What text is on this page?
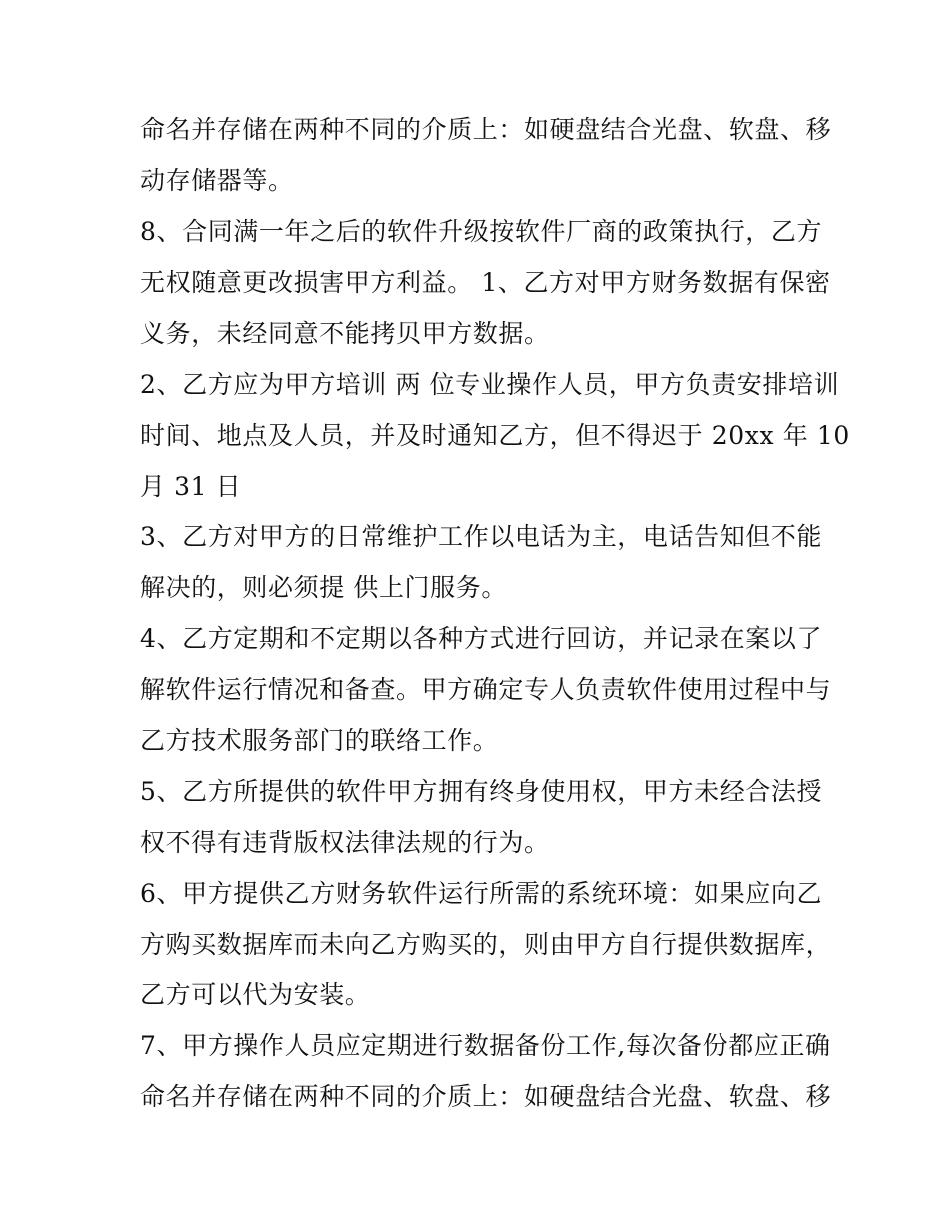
命名并存储在两种不同的介质上：如硬盘结合光盘、软盘、移
动存储器等。
8、合同满一年之后的软件升级按软件厂商的政策执行，乙方
无权随意更改损害甲方利益。 1、乙方对甲方财务数据有保密
义务，未经同意不能拷贝甲方数据。
2、乙方应为甲方培训 两 位专业操作人员，甲方负责安排培训
时间、地点及人员，并及时通知乙方，但不得迟于 20xx 年 10
月 31 日
3、乙方对甲方的日常维护工作以电话为主，电话告知但不能
解决的，则必须提 供上门服务。
4、乙方定期和不定期以各种方式进行回访，并记录在案以了
解软件运行情况和备查。甲方确定专人负责软件使用过程中与
乙方技术服务部门的联络工作。
5、乙方所提供的软件甲方拥有终身使用权，甲方未经合法授
权不得有违背版权法律法规的行为。
6、甲方提供乙方财务软件运行所需的系统环境：如果应向乙
方购买数据库而未向乙方购买的，则由甲方自行提供数据库，
乙方可以代为安装。
7、甲方操作人员应定期进行数据备份工作,每次备份都应正确
命名并存储在两种不同的介质上：如硬盘结合光盘、软盘、移
